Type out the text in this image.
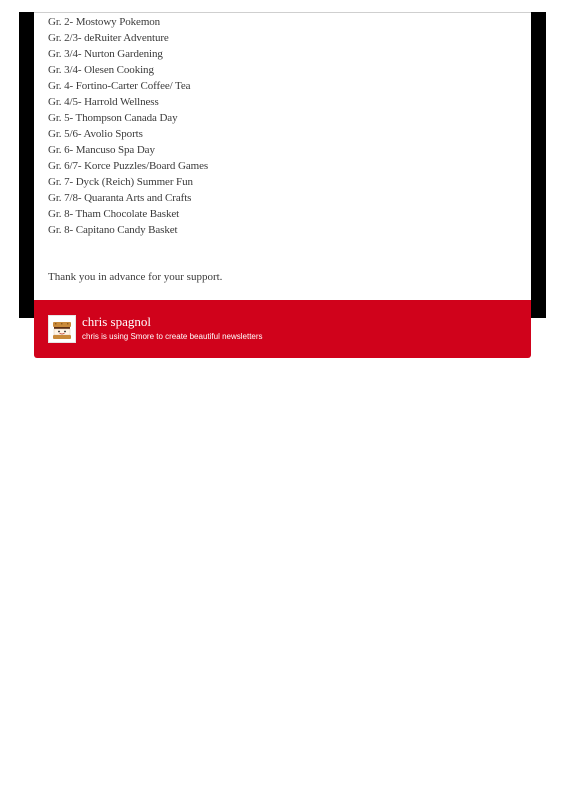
Gr. 2- Mostowy Pokemon
Gr. 2/3- deRuiter Adventure
Gr. 3/4- Nurton Gardening
Gr. 3/4- Olesen Cooking
Gr. 4- Fortino-Carter Coffee/ Tea
Gr. 4/5- Harrold Wellness
Gr. 5- Thompson Canada Day
Gr. 5/6- Avolio Sports
Gr. 6- Mancuso Spa Day
Gr. 6/7- Korce Puzzles/Board Games
Gr. 7- Dyck (Reich) Summer Fun
Gr. 7/8- Quaranta Arts and Crafts
Gr. 8- Tham Chocolate Basket
Gr. 8- Capitano Candy Basket
Thank you in advance for your support.
chris spagnol
chris is using Smore to create beautiful newsletters
